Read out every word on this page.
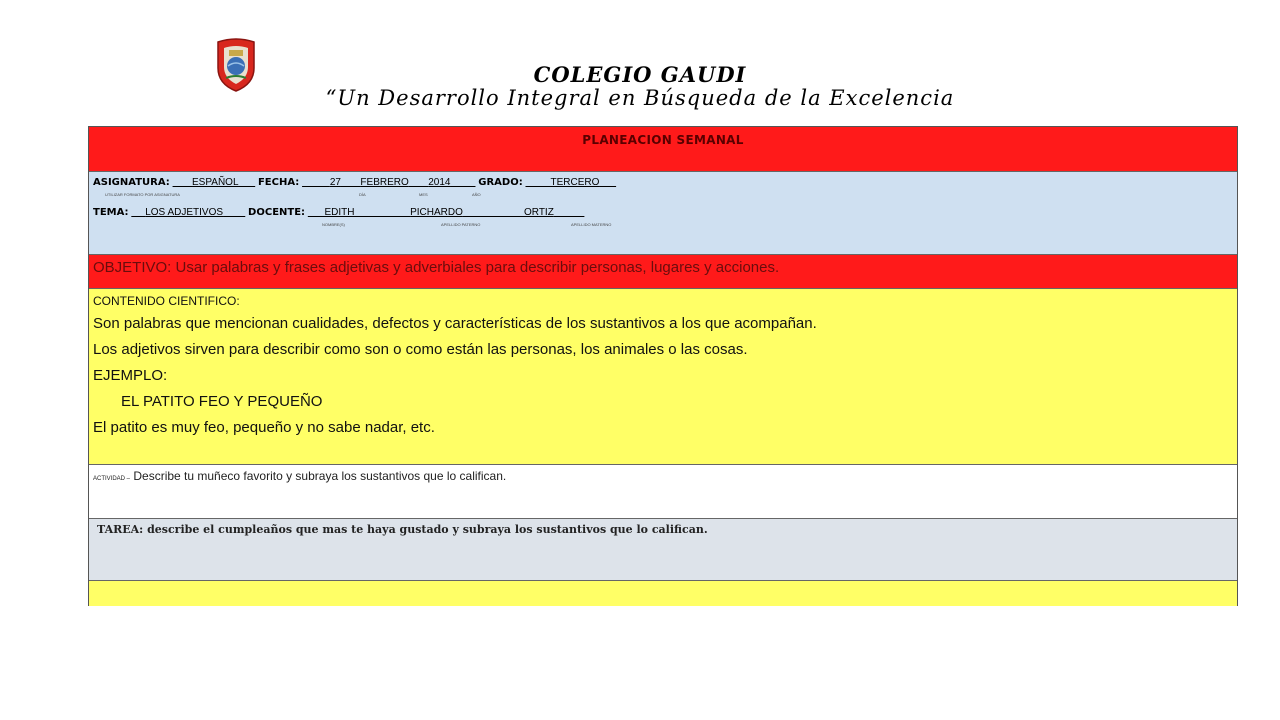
COLEGIO GAUDI
“Un Desarrollo Integral en Búsqueda de la Excelencia
PLANEACION SEMANAL
ASIGNATURA: ESPAÑOL FECHA:	27 FEBRERO 2014	GRADO:	TERCERO
UTILIZAR FORMATO POR ASIGNATURA	DÍA	MES	AÑO
TEMA: LOS ADJETIVOS	DOCENTE: EDITH	PICHARDO	ORTIZ
NOMBRE(S)	APELLIDO PATERNO	APELLIDO MATERNO
OBJETIVO: Usar palabras y frases adjetivas y adverbiales para describir personas, lugares y acciones.
CONTENIDO CIENTIFICO:
Son palabras que mencionan cualidades, defectos y características de los sustantivos a los que acompañan.
Los adjetivos sirven para describir como son o como están las personas, los animales o las cosas.
EJEMPLO:
EL PATITO FEO Y PEQUEÑO
El patito es muy feo, pequeño y no sabe nadar, etc.
ACTIVIDAD – Describe tu muñeco favorito y subraya los sustantivos que lo califican.
TAREA: describe el cumpleaños que mas te haya gustado y subraya los sustantivos que lo califican.
